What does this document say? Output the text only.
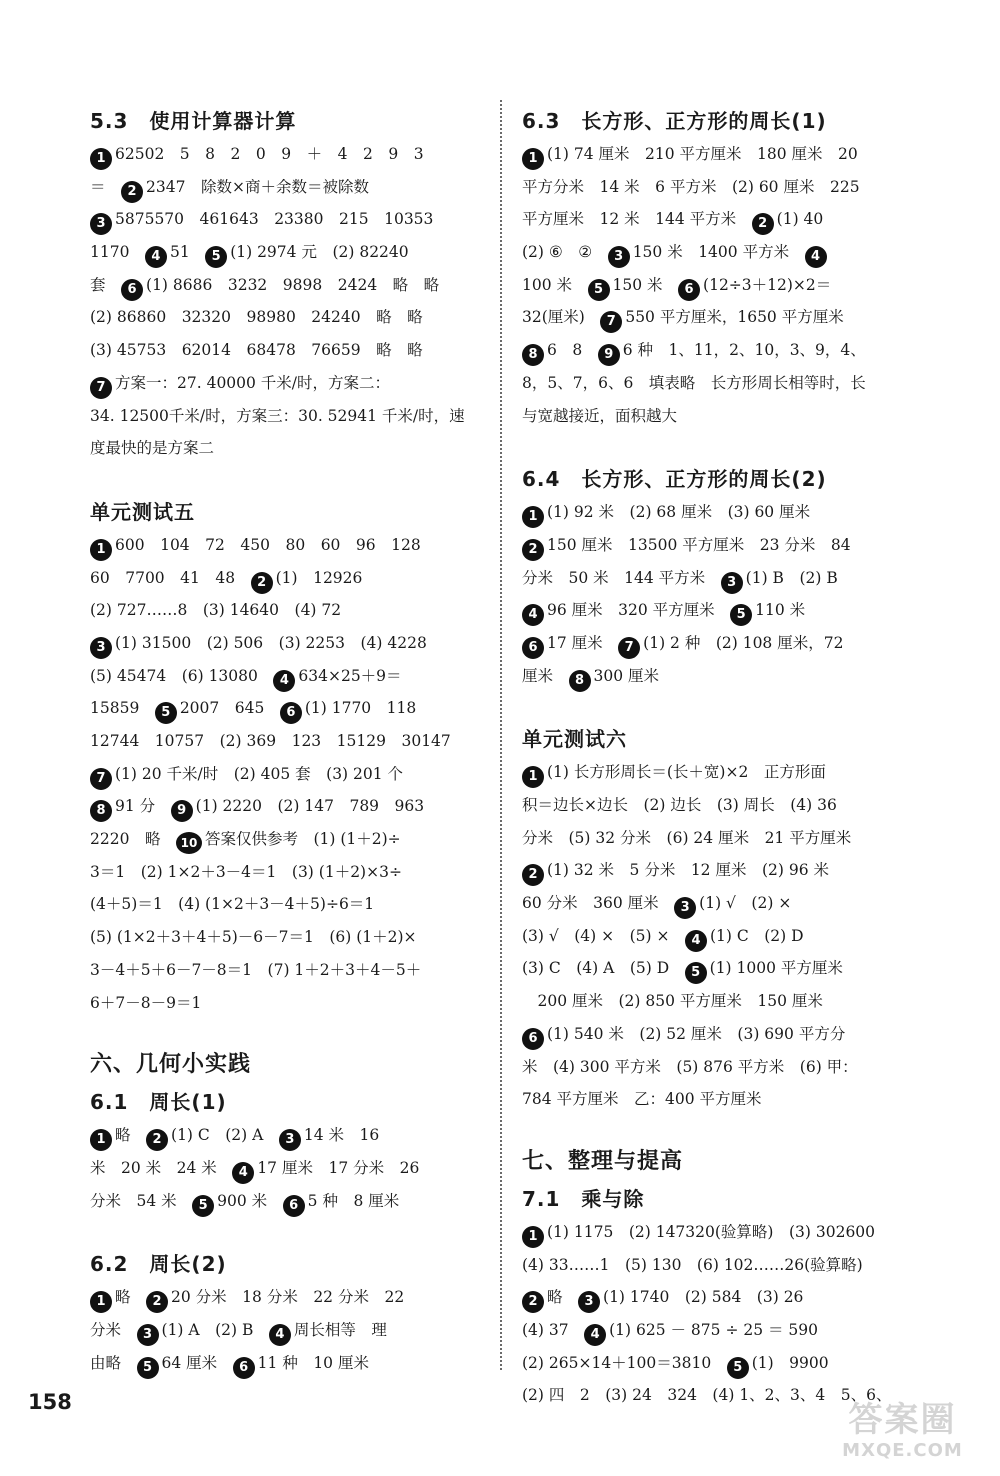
5.3　使用计算器计算
1 62502　5　8　2　0　9　＋　4　2　9　3
＝　2 2347　除数×商＋余数＝被除数
3 5875570　461643　23380　215　10353
1170　4 51　5 (1) 2974 元　(2) 82240
套　6 (1) 8686　3232　9898　2424　略　略
(2) 86860　32320　98980　24240　略　略
(3) 45753　62014　68478　76659　略　略
7 方案一：27. 40000 千米/时，方案二：
34. 12500千米/时，方案三：30. 52941 千米/时，速
度最快的是方案二
单元测试五
1 600　104　72　450　80　60　96　128
60　7700　41　48　2 (1)　12926
(2) 727……8　(3) 14640　(4) 72
3 (1) 31500　(2) 506　(3) 2253　(4) 4228
(5) 45474　(6) 13080　4 634×25＋9＝
15859　5 2007　645　6 (1) 1770　118
12744　10757　(2) 369　123　15129　30147
7 (1) 20 千米/时　(2) 405 套　(3) 201 个
8 91 分　9 (1) 2220　(2) 147　789　963
2220　略　10 答案仅供参考　(1) (1＋2)÷
3＝1　(2) 1×2＋3－4＝1　(3) (1＋2)×3÷
(4＋5)＝1　(4) (1×2＋3－4＋5)÷6＝1
(5) (1×2＋3＋4＋5)－6－7＝1　(6) (1＋2)×
3－4＋5＋6－7－8＝1　(7) 1＋2＋3＋4－5＋
6＋7－8－9＝1
六、几何小实践
6.1　周长(1)
1 略　2 (1) C　(2) A　3 14 米　16
米　20 米　24 米　4 17 厘米　17 分米　26
分米　54 米　5 900 米　6 5 种　8 厘米
6.2　周长(2)
1 略　2 20 分米　18 分米　22 分米　22
分米　3 (1) A　(2) B　4 周长相等　理
由略　5 64 厘米　6 11 种　10 厘米
6.3　长方形、正方形的周长(1)
1 (1) 74 厘米　210 平方厘米　180 厘米　20
平方分米　14 米　6 平方米　(2) 60 厘米　225
平方厘米　12 米　144 平方米　2 (1) 40
(2) ⑥　②　3 150 米　1400 平方米　4
100 米　5 150 米　6 (12÷3＋12)×2＝
32(厘米)　7 550 平方厘米，1650 平方厘米
8 6　8　9 6 种　1、11，2、10，3、9，4、
8，5、7，6、6　填表略　长方形周长相等时，长
与宽越接近，面积越大
6.4　长方形、正方形的周长(2)
1 (1) 92 米　(2) 68 厘米　(3) 60 厘米
2 150 厘米　13500 平方厘米　23 分米　84
分米　50 米　144 平方米　3 (1) B　(2) B
4 96 厘米　320 平方厘米　5 110 米
6 17 厘米　7 (1) 2 种　(2) 108 厘米，72
厘米　8 300 厘米
单元测试六
1 (1) 长方形周长＝(长＋宽)×2　正方形面
积＝边长×边长　(2) 边长　(3) 周长　(4) 36
分米　(5) 32 分米　(6) 24 厘米　21 平方厘米
2 (1) 32 米　5 分米　12 厘米　(2) 96 米
60 分米　360 厘米　3 (1) √　(2) ×
(3) √　(4) ×　(5) ×　4 (1) C　(2) D
(3) C　(4) A　(5) D　5 (1) 1000 平方厘米
　200 厘米　(2) 850 平方厘米　150 厘米
6 (1) 540 米　(2) 52 厘米　(3) 690 平方分
米　(4) 300 平方米　(5) 876 平方米　(6) 甲：
784 平方厘米　乙：400 平方厘米
七、整理与提高
7.1　乘与除
1 (1) 1175　(2) 147320(验算略)　(3) 302600
(4) 33……1　(5) 130　(6) 102……26(验算略)
2 略　3 (1) 1740　(2) 584　(3) 26
(4) 37　4 (1) 625 － 875 ÷ 25 ＝ 590
(2) 265×14＋100＝3810　5 (1)　9900
(2) 四　2　(3) 24　324　(4) 1、2、3、4　5、6、
158	答案圈
MXQE.COM
